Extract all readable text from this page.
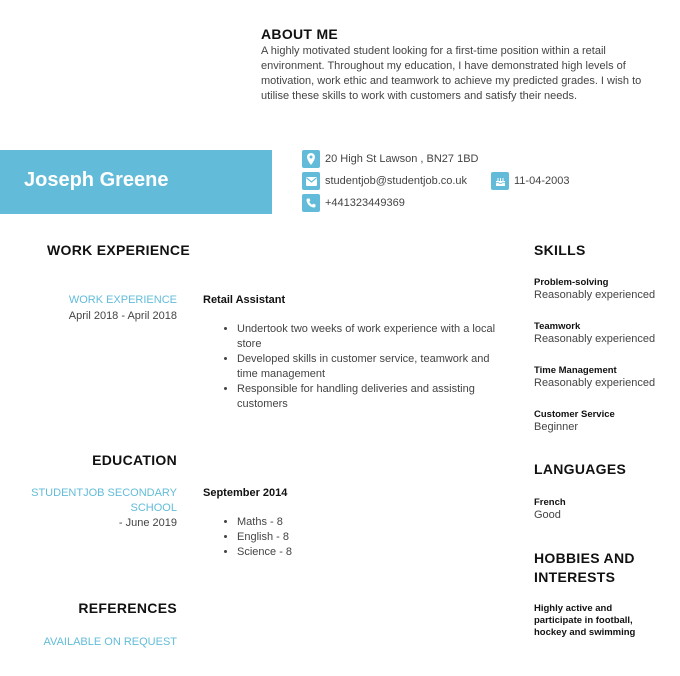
ABOUT ME
A highly motivated student looking for a first-time position within a retail environment. Throughout my education, I have demonstrated high levels of motivation, work ethic and teamwork to achieve my predicted grades. I wish to utilise these skills to work with customers and satisfy their needs.
Joseph Greene
20 High St Lawson , BN27 1BD
studentjob@studentjob.co.uk
+441323449369
11-04-2003
WORK EXPERIENCE
WORK EXPERIENCE
April 2018 - April 2018
Retail Assistant
• Undertook two weeks of work experience with a local store
• Developed skills in customer service, teamwork and time management
• Responsible for handling deliveries and assisting customers
EDUCATION
STUDENTJOB SECONDARY
SCHOOL
- June 2019
September 2014
• Maths - 8
• English - 8
• Science - 8
REFERENCES
AVAILABLE ON REQUEST
SKILLS
Problem-solving
Reasonably experienced
Teamwork
Reasonably experienced
Time Management
Reasonably experienced
Customer Service
Beginner
LANGUAGES
French
Good
HOBBIES AND
INTERESTS
Highly active and participate in football, hockey and swimming
